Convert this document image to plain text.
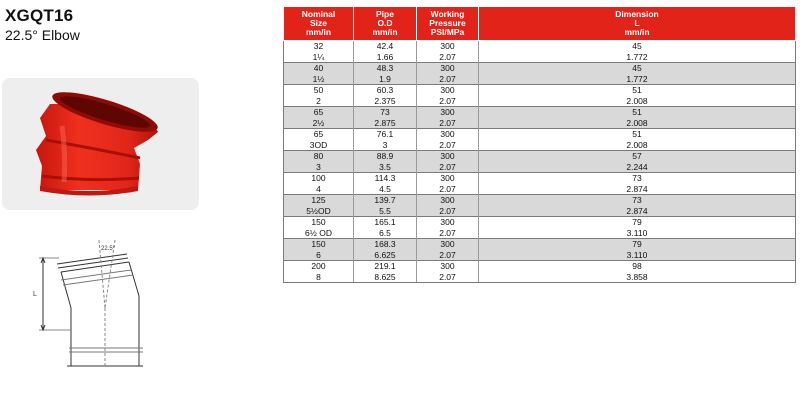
XGQT16
22.5° Elbow
22.5°
L
Nominal
Size
mm/in	Pipe
O.D
mm/in	Working
Pressure
PSI/MPa	Dimension
L
mm/in
32	42.4	300	45
1¼	1.66	2.07	1.772
40	48.3	300	45
1½	1.9	2.07	1.772
50	60.3	300	51
2	2.375	2.07	2.008
65	73	300	51
2½	2.875	2.07	2.008
65	76.1	300	51
3OD	3	2.07	2.008
80	88.9	300	57
3	3.5	2.07	2.244
100	114.3	300	73
4	4.5	2.07	2.874
125	139.7	300	73
5½OD	5.5	2.07	2.874
150	165.1	300	79
6½ OD	6.5	2.07	3.110
150	168.3	300	79
6	6.625	2.07	3.110
200	219.1	300	98
8	8.625	2.07	3.858
